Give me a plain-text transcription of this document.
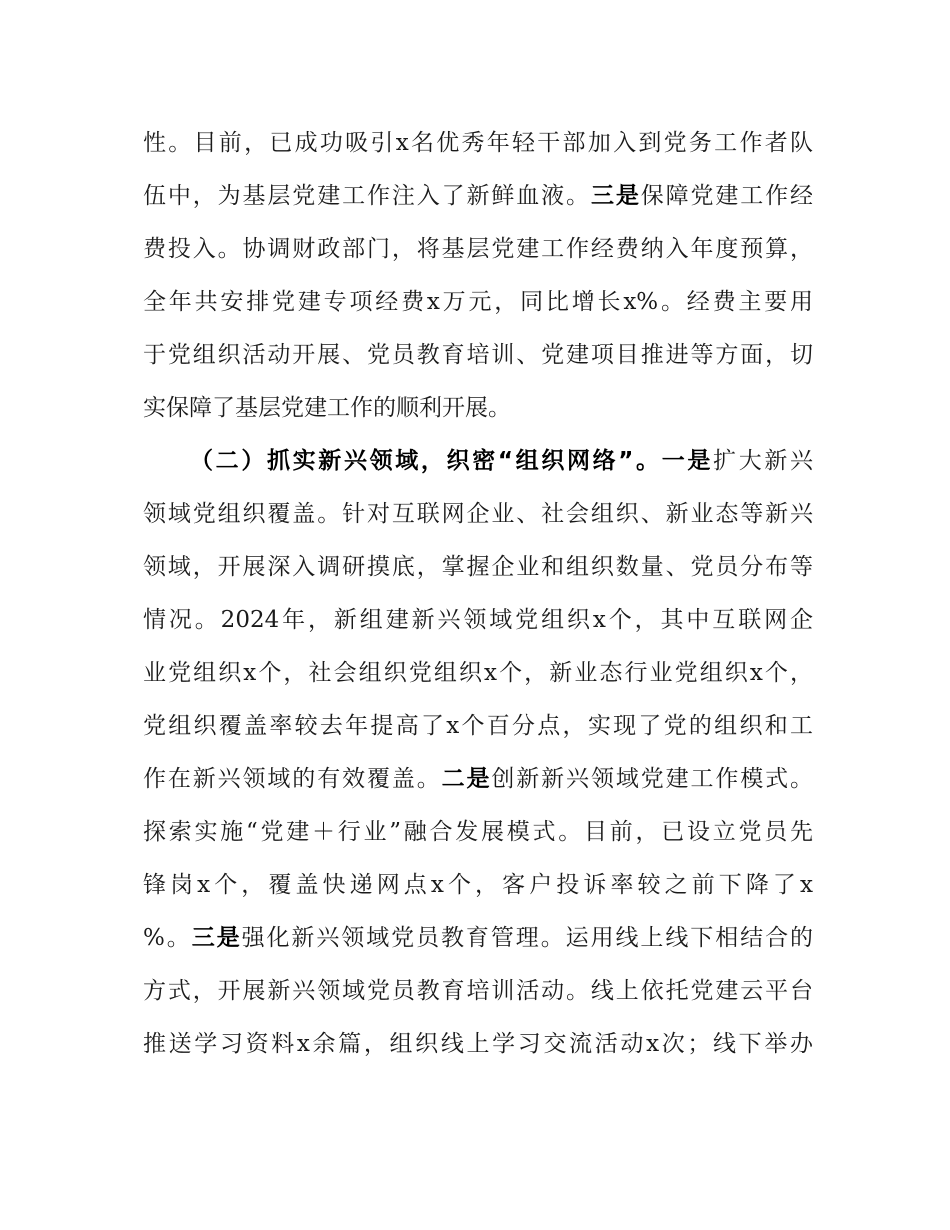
性。目前，已成功吸引x名优秀年轻干部加入到党务工作者队
伍中，为基层党建工作注入了新鲜血液。三是保障党建工作经
费投入。协调财政部门，将基层党建工作经费纳入年度预算，
全年共安排党建专项经费x万元，同比增长x%。经费主要用
于党组织活动开展、党员教育培训、党建项目推进等方面，切
实保障了基层党建工作的顺利开展。
（二）抓实新兴领域，织密“组织网络”。一是扩大新兴
领域党组织覆盖。针对互联网企业、社会组织、新业态等新兴
领域，开展深入调研摸底，掌握企业和组织数量、党员分布等
情况。2024年，新组建新兴领域党组织x个，其中互联网企
业党组织x个，社会组织党组织x个，新业态行业党组织x个，
党组织覆盖率较去年提高了x个百分点，实现了党的组织和工
作在新兴领域的有效覆盖。二是创新新兴领域党建工作模式。
探索实施“党建＋行业”融合发展模式。目前，已设立党员先
锋岗x个，覆盖快递网点x个，客户投诉率较之前下降了x
%。三是强化新兴领域党员教育管理。运用线上线下相结合的
方式，开展新兴领域党员教育培训活动。线上依托党建云平台
推送学习资料x余篇，组织线上学习交流活动x次；线下举办
